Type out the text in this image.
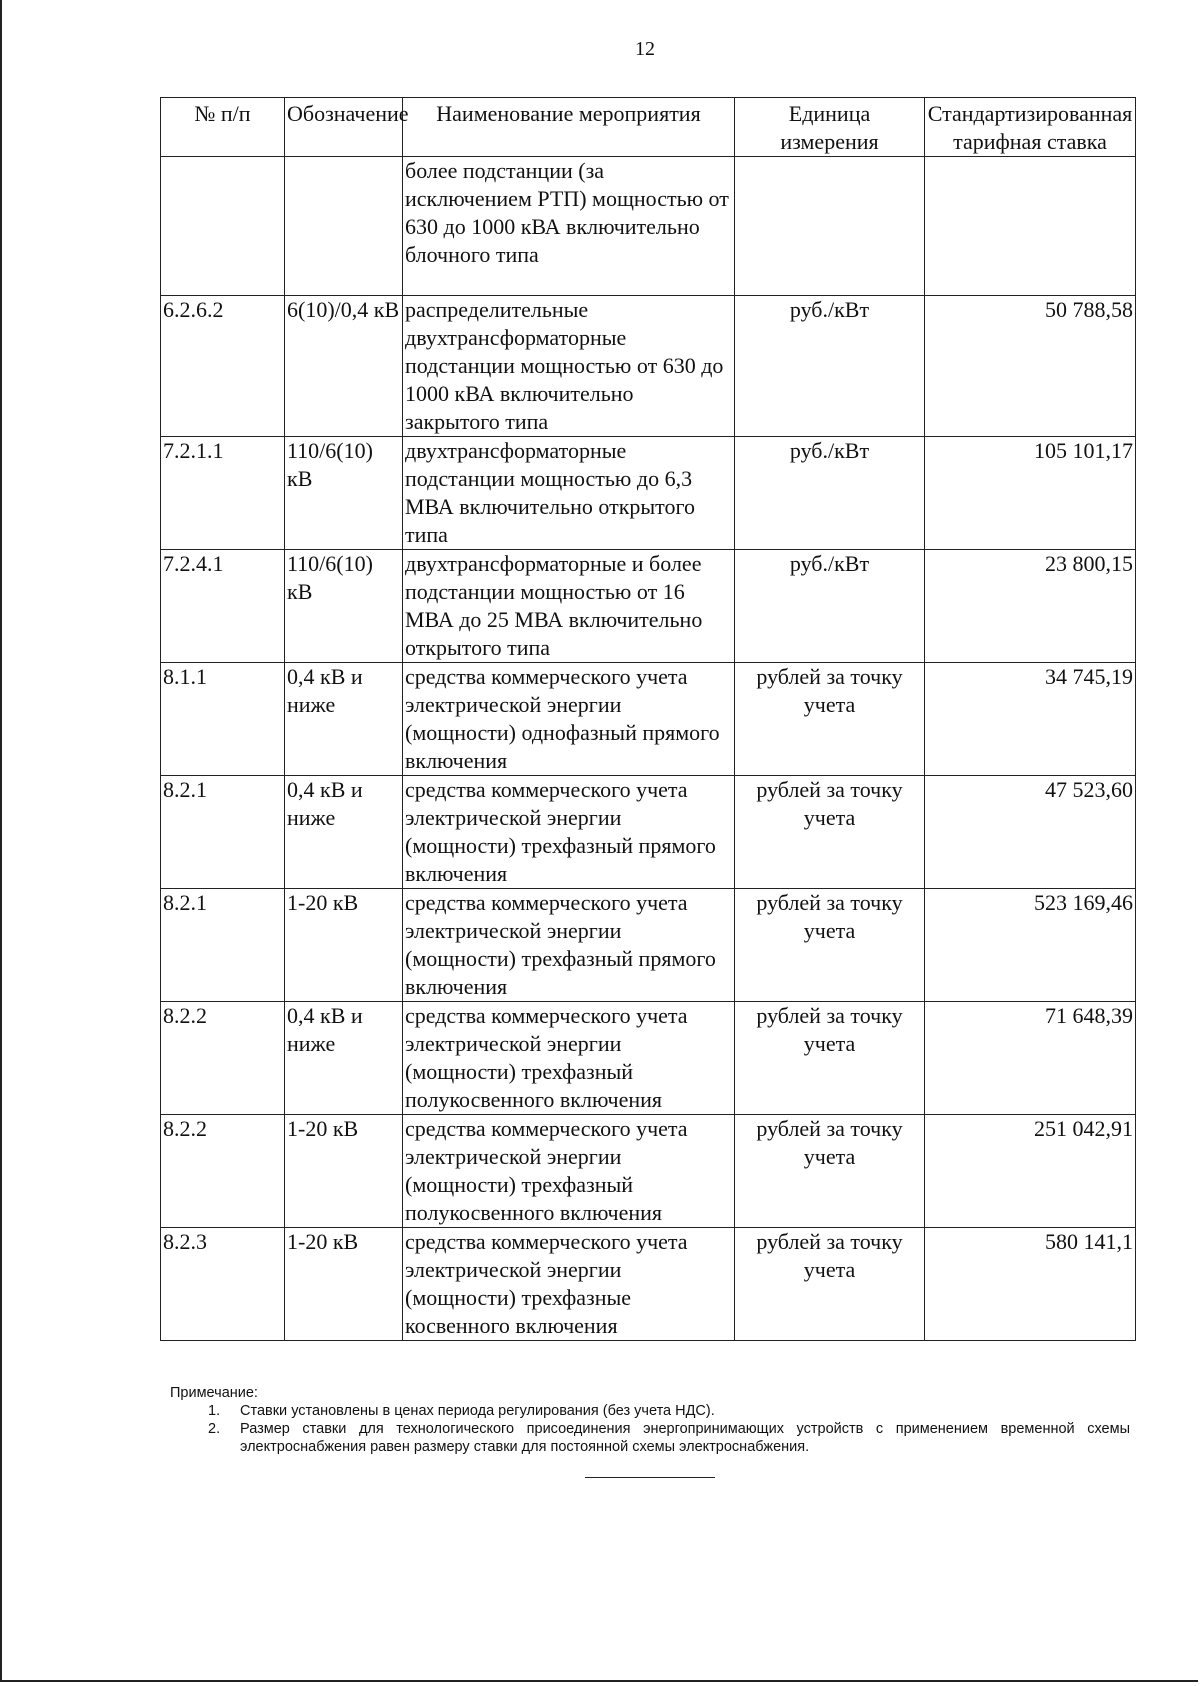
12
№ п/п	Обозначение	Наименование мероприятия	Единица измерения	Стандартизированная тарифная ставка
		более подстанции (за исключением РТП) мощностью от 630 до 1000 кВА включительно блочного типа		
6.2.6.2	6(10)/0,4 кВ	распределительные двухтрансформаторные подстанции мощностью от 630 до 1000 кВА включительно закрытого типа	руб./кВт	50 788,58
7.2.1.1	110/6(10) кВ	двухтрансформаторные подстанции мощностью до 6,3 МВА включительно открытого типа	руб./кВт	105 101,17
7.2.4.1	110/6(10) кВ	двухтрансформаторные и более подстанции мощностью от 16 МВА до 25 МВА включительно открытого типа	руб./кВт	23 800,15
8.1.1	0,4 кВ и ниже	средства коммерческого учета электрической энергии (мощности) однофазный прямого включения	рублей за точку учета	34 745,19
8.2.1	0,4 кВ и ниже	средства коммерческого учета электрической энергии (мощности) трехфазный прямого включения	рублей за точку учета	47 523,60
8.2.1	1-20 кВ	средства коммерческого учета электрической энергии (мощности) трехфазный прямого включения	рублей за точку учета	523 169,46
8.2.2	0,4 кВ и ниже	средства коммерческого учета электрической энергии (мощности) трехфазный полукосвенного включения	рублей за точку учета	71 648,39
8.2.2	1-20 кВ	средства коммерческого учета электрической энергии (мощности) трехфазный полукосвенного включения	рублей за точку учета	251 042,91
8.2.3	1-20 кВ	средства коммерческого учета электрической энергии (мощности) трехфазные косвенного включения	рублей за точку учета	580 141,1
Примечание:
1.	Ставки установлены в ценах периода регулирования (без учета НДС).
2.	Размер ставки для технологического присоединения энергопринимающих устройств с применением временной схемы электроснабжения равен размеру ставки для постоянной схемы электроснабжения.
